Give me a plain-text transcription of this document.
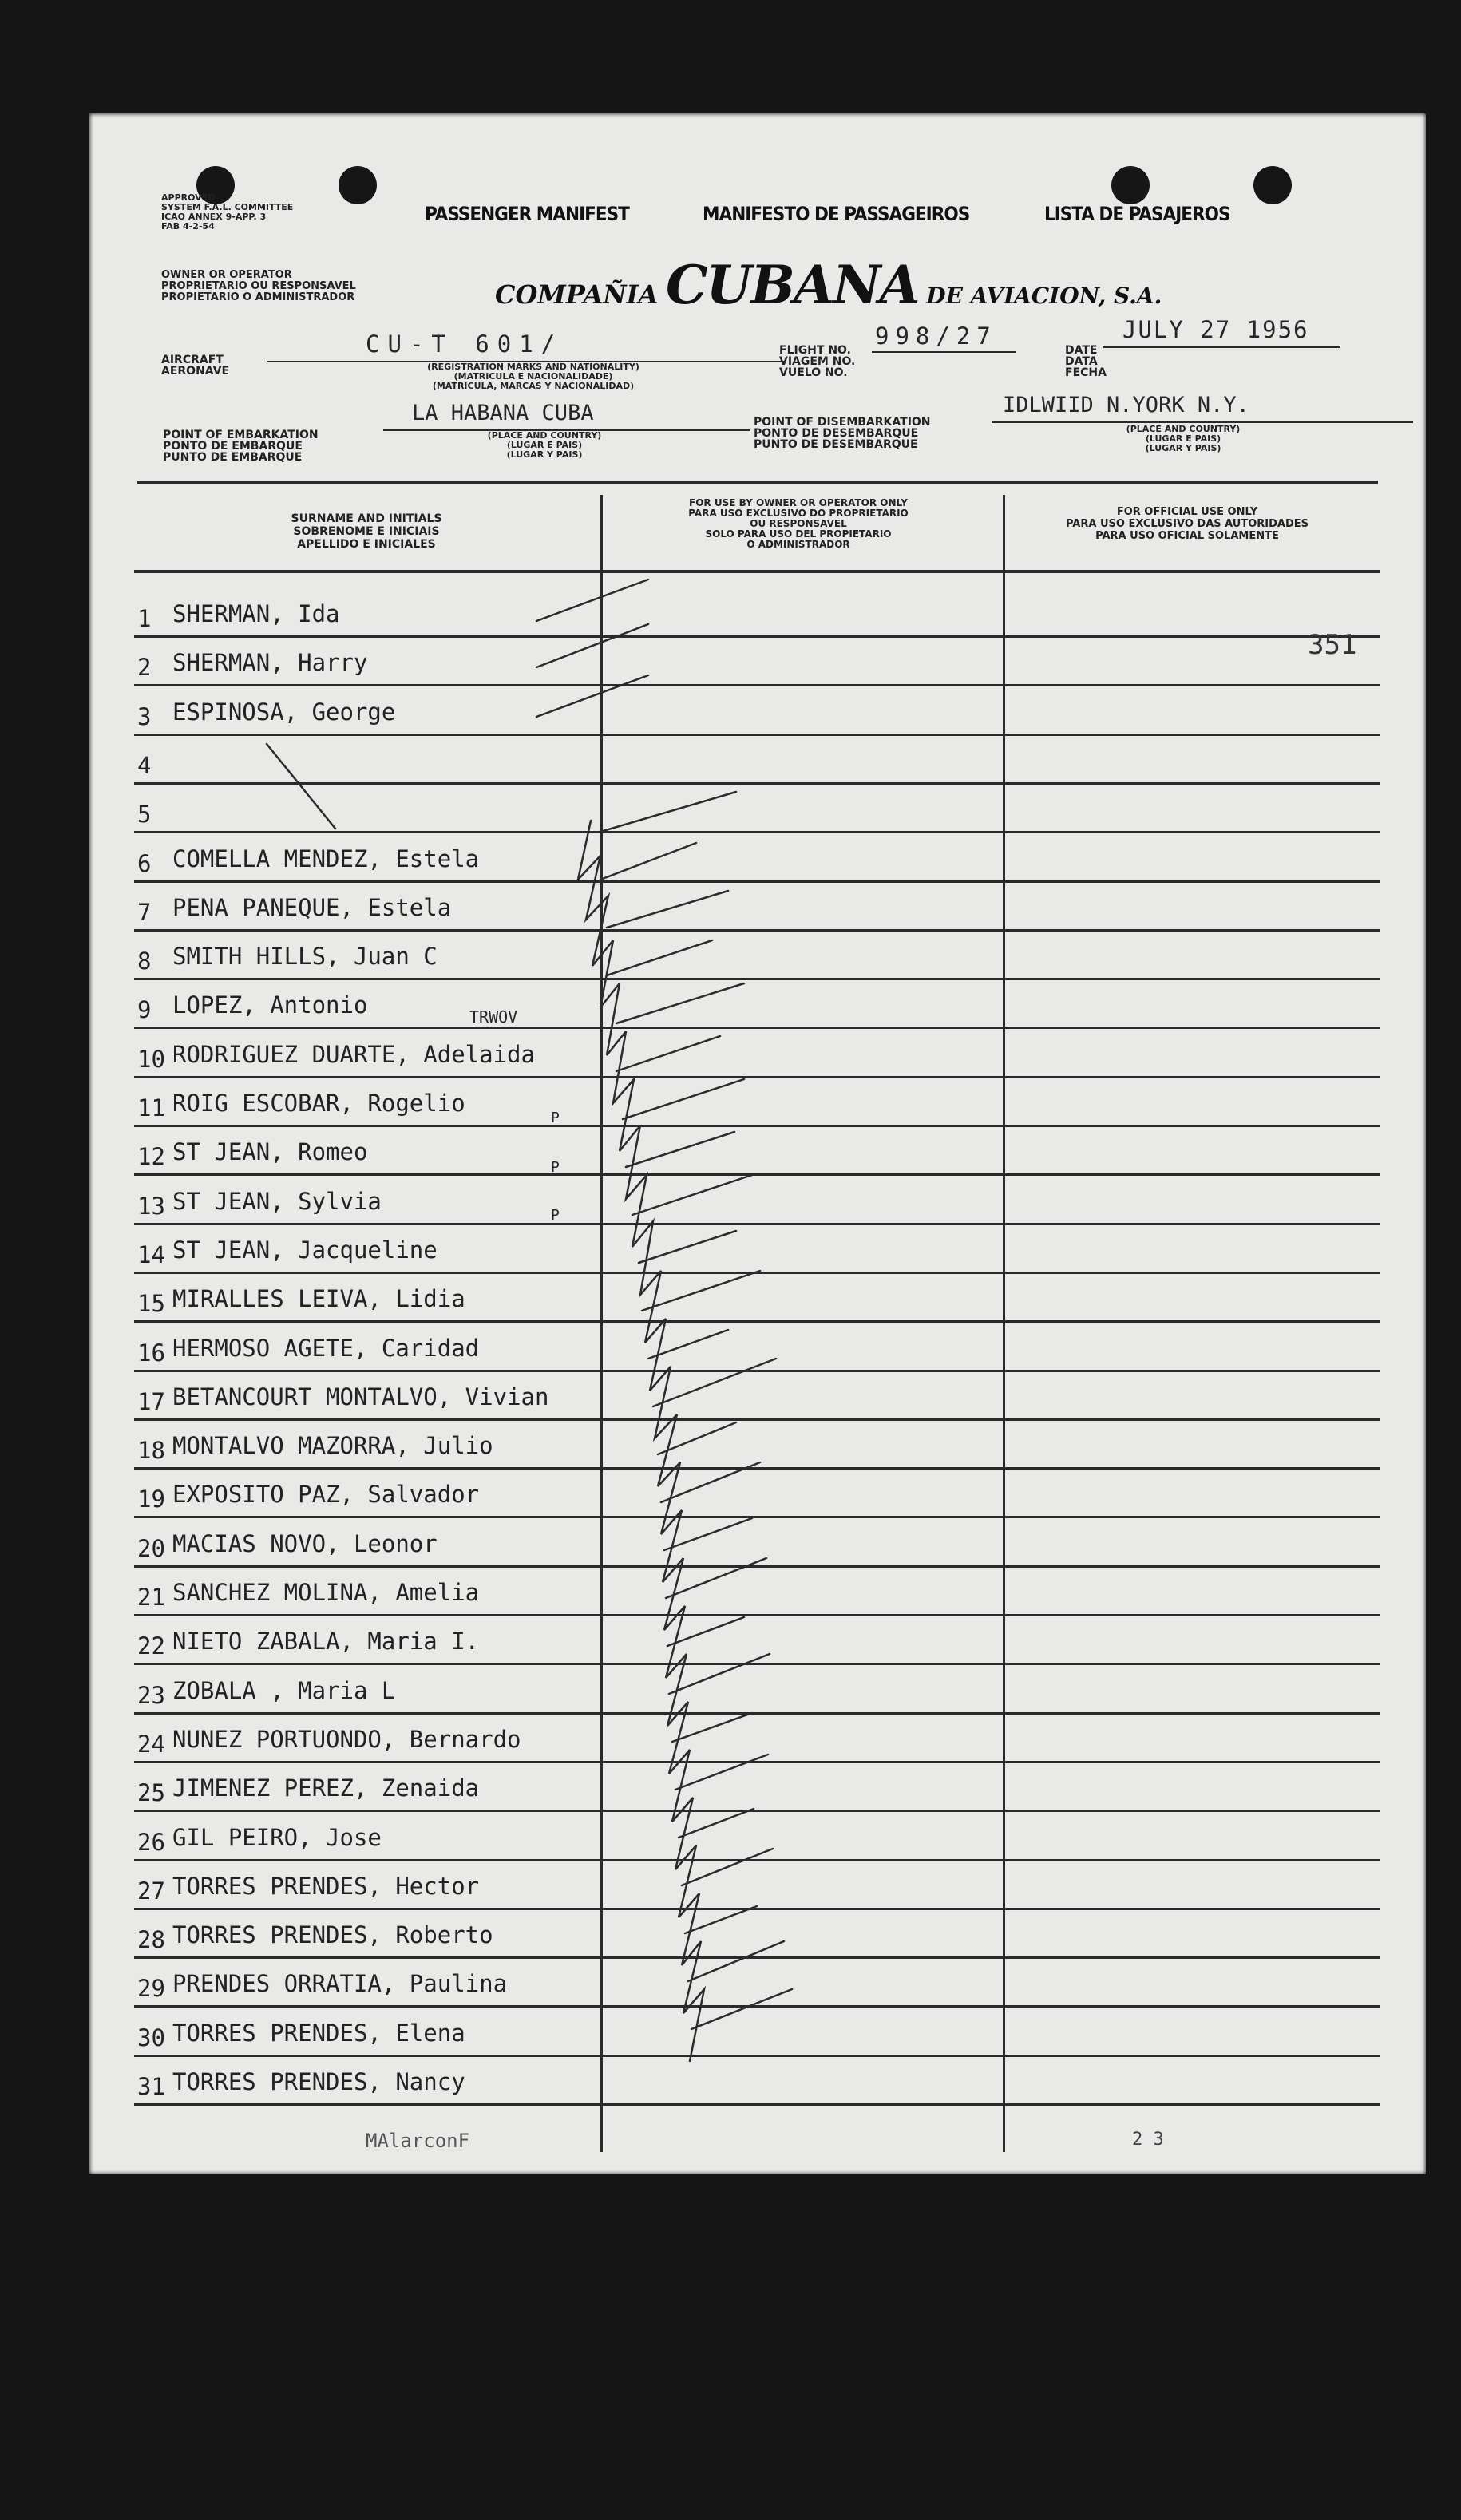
APPROVED
SYSTEM F.A.L. COMMITTEE
ICAO ANNEX 9-APP. 3
FAB 4-2-54
PASSENGER MANIFEST	MANIFESTO DE PASSAGEIROS	LISTA DE PASAJEROS
OWNER OR OPERATOR
PROPRIETARIO OU RESPONSAVEL
PROPIETARIO O ADMINISTRADOR	COMPAÑIA CUBANA DE AVIACION, S.A.
AIRCRAFT
AERONAVE
CU-T 601/
(REGISTRATION MARKS AND NATIONALITY)
(MATRICULA E NACIONALIDADE)
(MATRICULA, MARCAS Y NACIONALIDAD)
FLIGHT NO.
VIAGEM NO.
VUELO NO.
998/27
DATE
DATA
FECHA
JULY 27 1956
POINT OF EMBARKATION
PONTO DE EMBARQUE
PUNTO DE EMBARQUE
LA HABANA CUBA
(PLACE AND COUNTRY)
(LUGAR E PAIS)
(LUGAR Y PAIS)
POINT OF DISEMBARKATION
PONTO DE DESEMBARQUE
PUNTO DE DESEMBARQUE
IDLWIID N.YORK N.Y.
(PLACE AND COUNTRY)
(LUGAR E PAIS)
(LUGAR Y PAIS)
SURNAME AND INITIALS
SOBRENOME E INICIAIS
APELLIDO E INICIALES
FOR USE BY OWNER OR OPERATOR ONLY
PARA USO EXCLUSIVO DO PROPRIETARIO
OU RESPONSAVEL
SOLO PARA USO DEL PROPIETARIO
O ADMINISTRADOR
FOR OFFICIAL USE ONLY
PARA USO EXCLUSIVO DAS AUTORIDADES
PARA USO OFICIAL SOLAMENTE
1 SHERMAN, Ida
2 SHERMAN, Harry
3 ESPINOSA, George
4
5
6 COMELLA MENDEZ, Estela
7 PENA PANEQUE, Estela
8 SMITH HILLS, Juan C
9 LOPEZ, Antonio
10 RODRIGUEZ DUARTE, Adelaida
11 ROIG ESCOBAR, Rogelio
12 ST JEAN, Romeo
13 ST JEAN, Sylvia
14 ST JEAN, Jacqueline
15 MIRALLES LEIVA, Lidia
16 HERMOSO AGETE, Caridad
17 BETANCOURT MONTALVO, Vivian
18 MONTALVO MAZORRA, Julio
19 EXPOSITO PAZ, Salvador
20 MACIAS NOVO, Leonor
21 SANCHEZ MOLINA, Amelia
22 NIETO ZABALA, Maria I.
23 ZOBALA , Maria L
24 NUNEZ PORTUONDO, Bernardo
25 JIMENEZ PEREZ, Zenaida
26 GIL PEIRO, Jose
27 TORRES PRENDES, Hector
28 TORRES PRENDES, Roberto
29 PRENDES ORRATIA, Paulina
30 TORRES PRENDES, Elena
31 TORRES PRENDES, Nancy
351
TRWOV
P
P
P
MAlarconF	2 3
